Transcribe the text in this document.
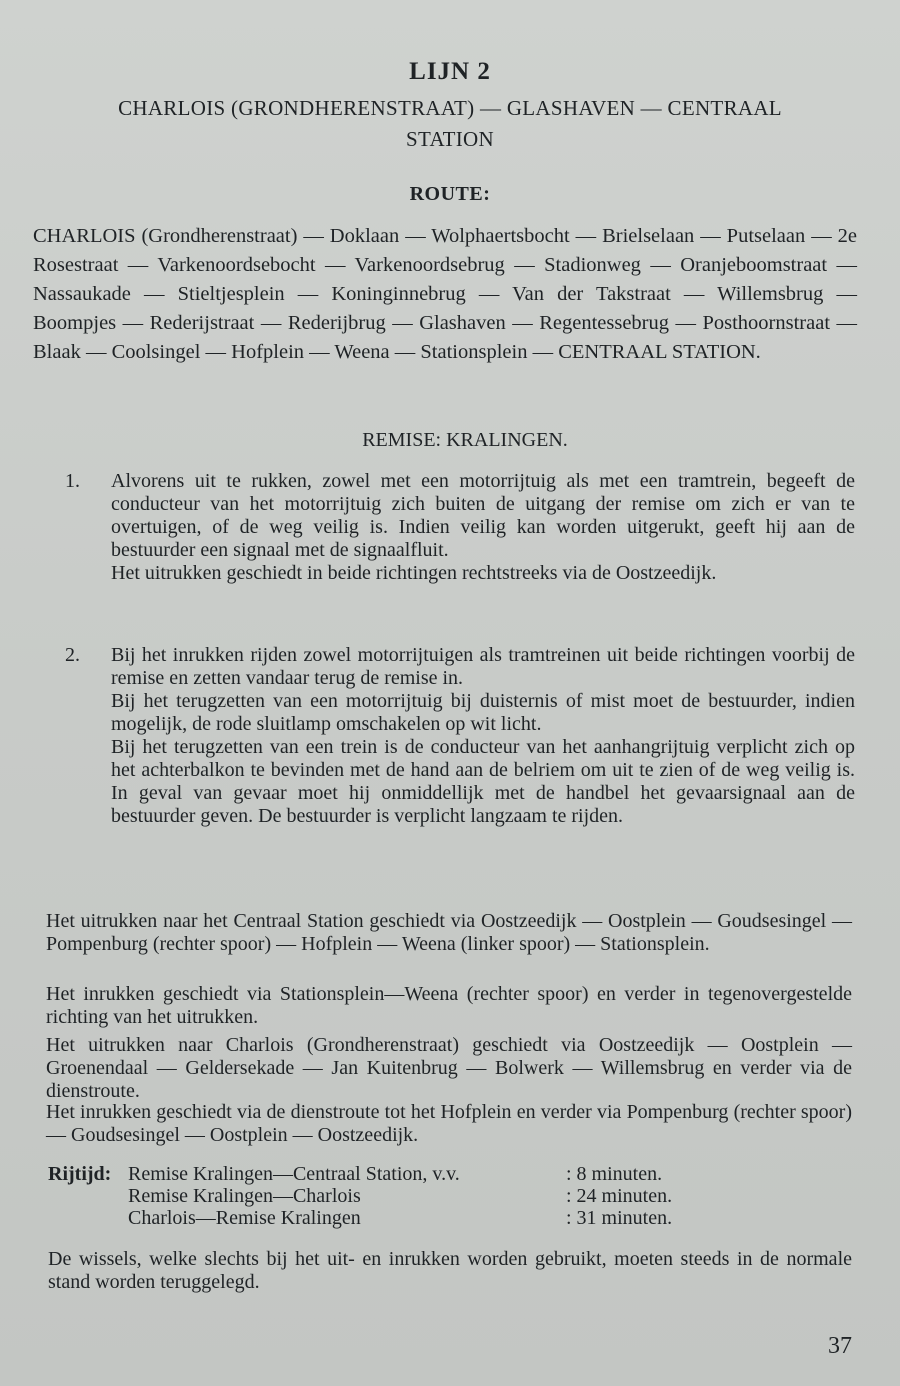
LIJN 2
CHARLOIS (GRONDHERENSTRAAT) — GLASHAVEN — CENTRAAL STATION
ROUTE:
CHARLOIS (Grondherenstraat) — Doklaan — Wolphaertsbocht — Brielselaan — Putselaan — 2e Rosestraat — Varkenoordsebocht — Varkenoordsebrug — Stadionweg — Oranjeboomstraat — Nassaukade — Stieltjesplein — Koninginnebrug — Van der Takstraat — Willemsbrug — Boompjes — Rederijstraat — Rederijbrug — Glashaven — Regentessebrug — Posthoornstraat — Blaak — Coolsingel — Hofplein — Weena — Stationsplein — CENTRAAL STATION.
REMISE: KRALINGEN.
1.	Alvorens uit te rukken, zowel met een motorrijtuig als met een tramtrein, begeeft de conducteur van het motorrijtuig zich buiten de uitgang der remise om zich er van te overtuigen, of de weg veilig is. Indien veilig kan worden uitgerukt, geeft hij aan de bestuurder een signaal met de signaalfluit.

Het uitrukken geschiedt in beide richtingen rechtstreeks via de Oostzeedijk.

2.	Bij het inrukken rijden zowel motorrijtuigen als tramtreinen uit beide richtingen voorbij de remise en zetten vandaar terug de remise in.

Bij het terugzetten van een motorrijtuig bij duisternis of mist moet de bestuurder, indien mogelijk, de rode sluitlamp omschakelen op wit licht.

Bij het terugzetten van een trein is de conducteur van het aanhangrijtuig verplicht zich op het achterbalkon te bevinden met de hand aan de belriem om uit te zien of de weg veilig is. In geval van gevaar moet hij onmiddellijk met de handbel het gevaarsignaal aan de bestuurder geven. De bestuurder is verplicht langzaam te rijden.

Het uitrukken naar het Centraal Station geschiedt via Oostzeedijk — Oostplein — Goudsesingel — Pompenburg (rechter spoor) — Hofplein — Weena (linker spoor) — Stationsplein.
Het inrukken geschiedt via Stationsplein—Weena (rechter spoor) en verder in tegenovergestelde richting van het uitrukken.
Het uitrukken naar Charlois (Grondherenstraat) geschiedt via Oostzeedijk — Oostplein — Groenendaal — Geldersekade — Jan Kuitenbrug — Bolwerk — Willemsbrug en verder via de dienstroute.
Het inrukken geschiedt via de dienstroute tot het Hofplein en verder via Pompenburg (rechter spoor) — Goudsesingel — Oostplein — Oostzeedijk.
Rijtijd: Remise Kralingen—Centraal Station, v.v.	: 8 minuten.
Remise Kralingen—Charlois	: 24 minuten.
Charlois—Remise Kralingen	: 31 minuten.
De wissels, welke slechts bij het uit- en inrukken worden gebruikt, moeten steeds in de normale stand worden teruggelegd.
37
